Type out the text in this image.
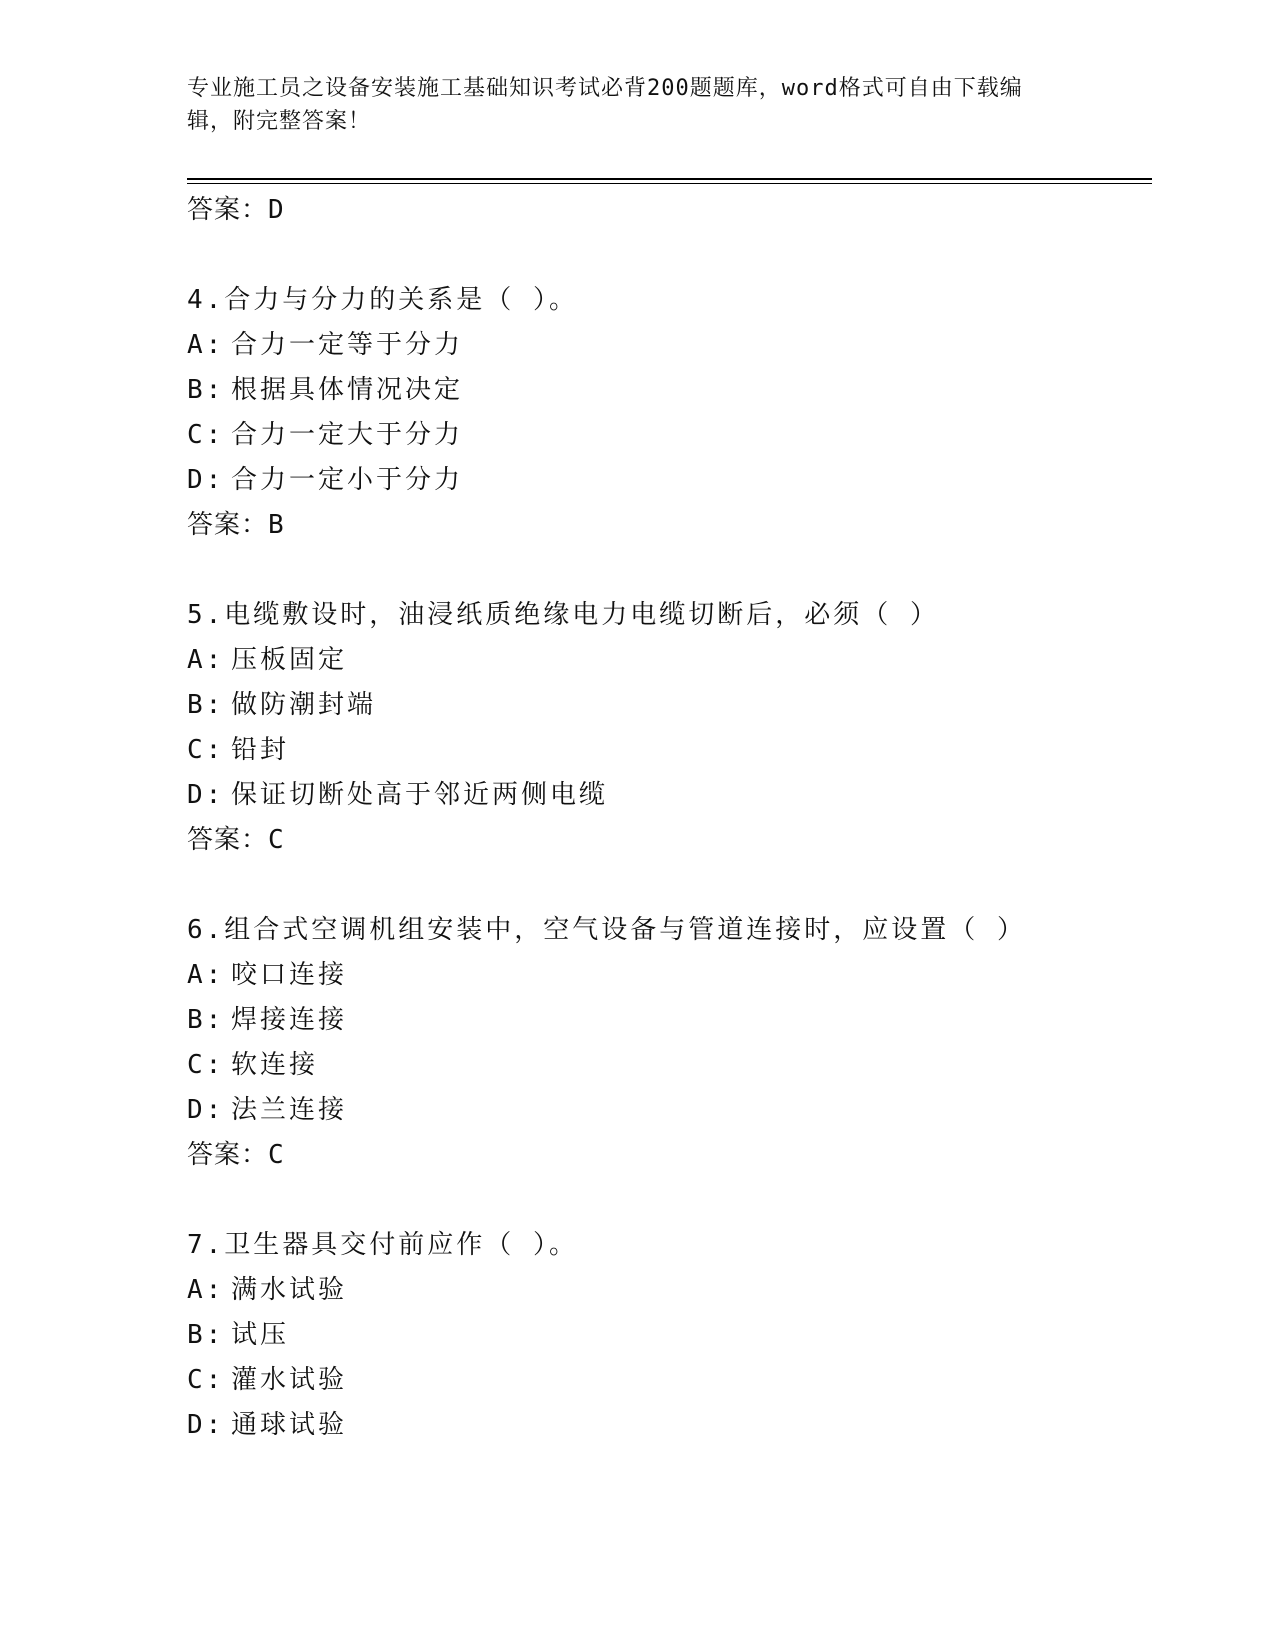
专业施工员之设备安装施工基础知识考试必背200题题库，word格式可自由下载编辑，附完整答案！
答案：D
4.合力与分力的关系是（ ）。
A: 合力一定等于分力
B: 根据具体情况决定
C: 合力一定大于分力
D: 合力一定小于分力
答案：B
5.电缆敷设时，油浸纸质绝缘电力电缆切断后，必须（ ）
A: 压板固定
B: 做防潮封端
C: 铅封
D: 保证切断处高于邻近两侧电缆
答案：C
6.组合式空调机组安装中，空气设备与管道连接时，应设置（ ）
A: 咬口连接
B: 焊接连接
C: 软连接
D: 法兰连接
答案：C
7.卫生器具交付前应作（ ）。
A: 满水试验
B: 试压
C: 灌水试验
D: 通球试验
